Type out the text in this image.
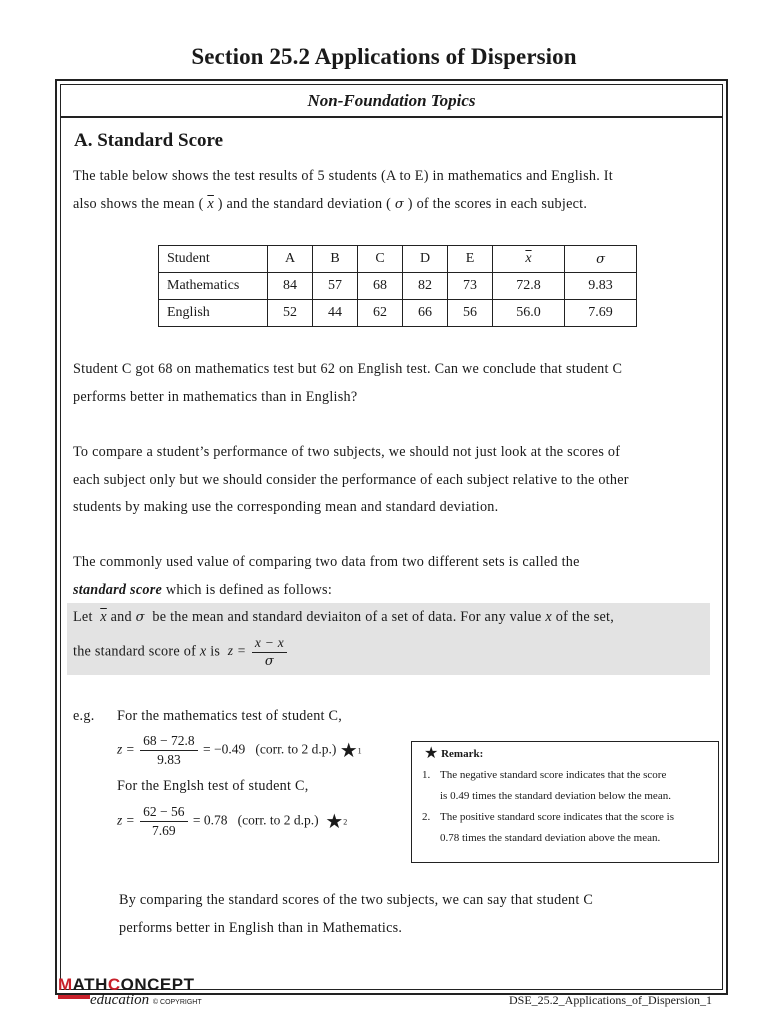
Section 25.2 Applications of Dispersion
Non-Foundation Topics
A. Standard Score
The table below shows the test results of 5 students (A to E) in mathematics and English. It
also shows the mean ( $\overline{x}$ ) and the standard deviation ( σ ) of the scores in each subject.
Student	A	B	C	D	E	$\overline{x}$	σ
Mathematics	84	57	68	82	73	72.8	9.83
English	52	44	62	66	56	56.0	7.69
Student C got 68 on mathematics test but 62 on English test. Can we conclude that student C
performs better in mathematics than in English?
To compare a student’s performance of two subjects, we should not just look at the scores of
each subject only but we should consider the performance of each subject relative to the other
students by making use the corresponding mean and standard deviation.
The commonly used value of comparing two data from two different sets is called the
standard score which is defined as follows:
Let $\overline{x}$ and σ be the mean and standard deviaiton of a set of data. For any value x of the set,
the standard score of x is $z = \frac{x - x}{\sigma}$
e.g. For the mathematics test of student C,
$z = \frac{68 - 72.8}{9.83} = -0.49$ (corr. to 2 d.p.) ★1
For the Englsh test of student C,
$z = \frac{62 - 56}{7.69} = 0.78$ (corr. to 2 d.p.) ★2
★ Remark:
1. The negative standard score indicates that the score
is 0.49 times the standard deviation below the mean.
2. The positive standard score indicates that the score is
0.78 times the standard deviation above the mean.
By comparing the standard scores of the two subjects, we can say that student C
performs better in English than in Mathematics.
MATHCONCEPT
education © COPYRIGHT	DSE_25.2_Applications_of_Dispersion_1
